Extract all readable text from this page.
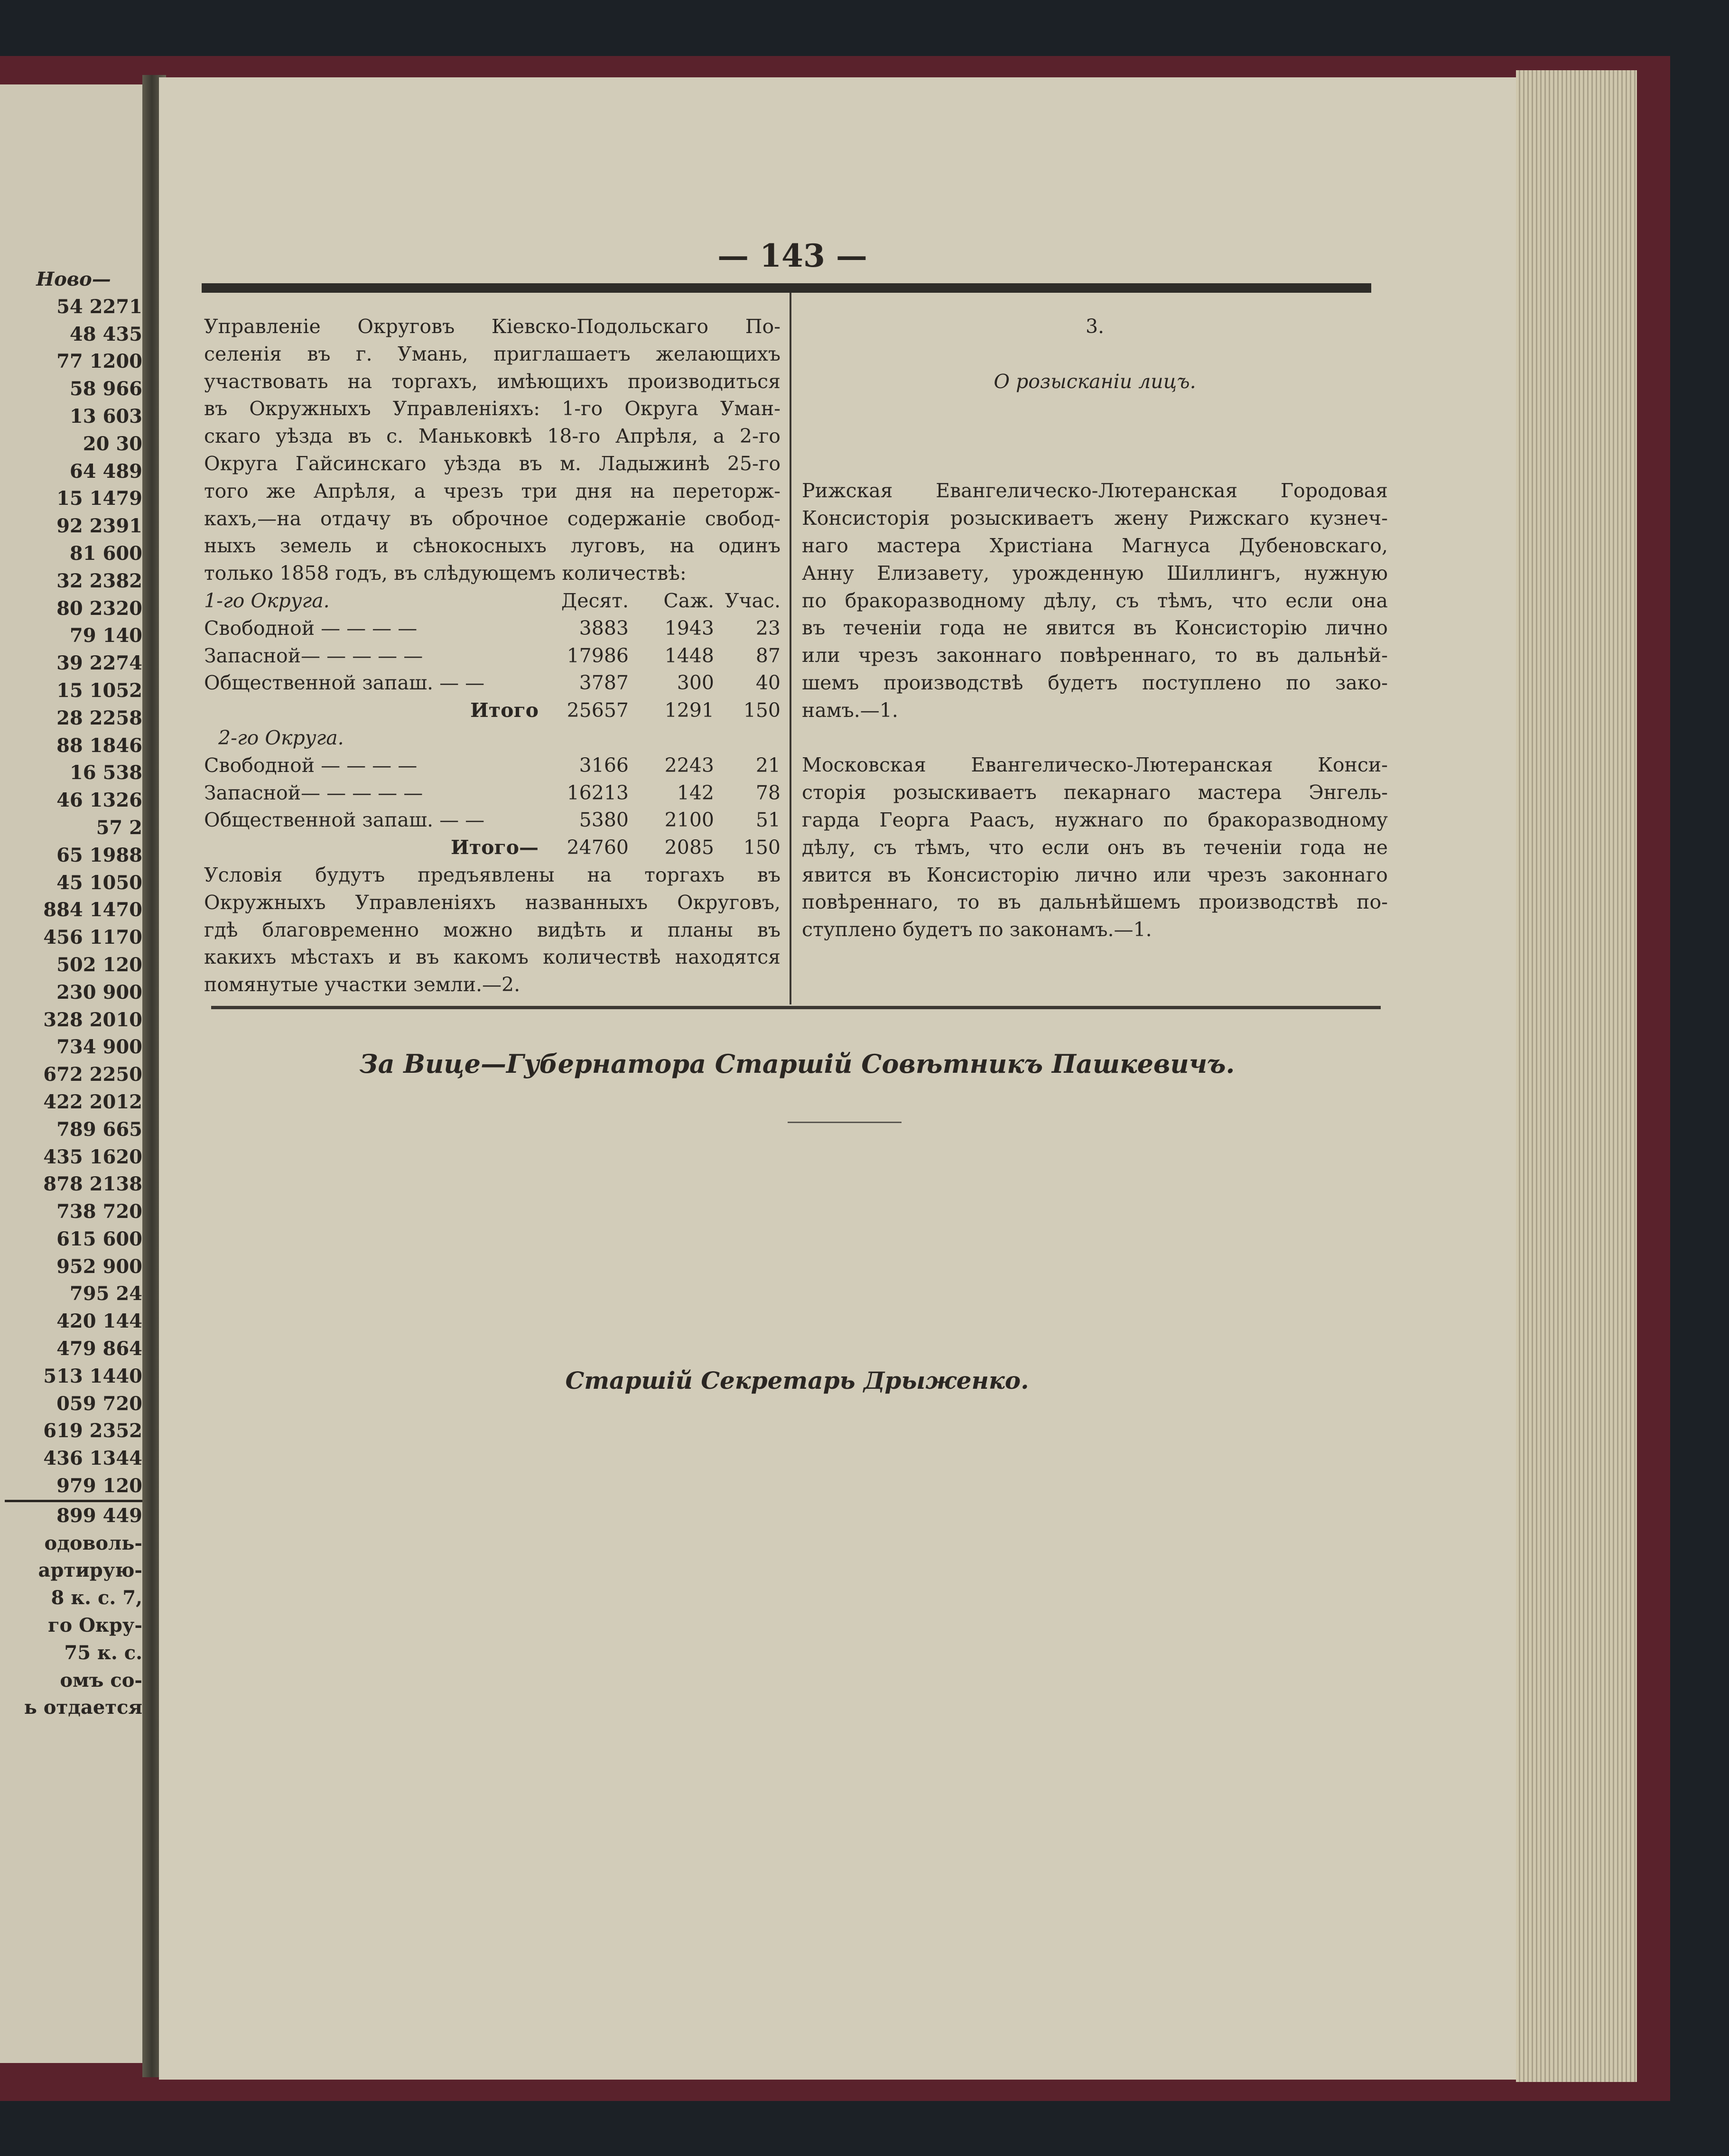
Ново—
54 2271
48 435
77 1200
58 966
13 603
20 30
64 489
15 1479
92 2391
81 600
32 2382
80 2320
79 140
39 2274
15 1052
28 2258
88 1846
16 538
46 1326
57 2
65 1988
45 1050
884 1470
456 1170
502 120
230 900
328 2010
734 900
672 2250
422 2012
789 665
435 1620
878 2138
738 720
615 600
952 900
795 24
420 144
479 864
513 1440
059 720
619 2352
436 1344
979 120
899 449
одоволь-
артирую-
8 к. с. 7,
го Окру-
75 к. с.
омъ со-
ь отдается
— 143 —
Управленіе Округовъ Кіевско-Подольскаго По-
селенія въ г. Умань, приглашаетъ желающихъ
участвовать на торгахъ, имѣющихъ производиться
въ Окружныхъ Управленіяхъ: 1-го Округа Уман-
скаго уѣзда въ с. Маньковкѣ 18-го Апрѣля, а 2-го
Округа Гайсинскаго уѣзда въ м. Ладыжинѣ 25-го
того же Апрѣля, а чрезъ три дня на переторж-
кахъ,—на отдачу въ оброчное содержаніе свобод-
ныхъ земель и сѣнокосныхъ луговъ, на одинъ
только 1858 годъ, въ слѣдующемъ количествѣ:
1-го Округа.	Десят.	Саж. Учас.
Свободной — — — —	3883	1943	23
Запасной— — — — —	17986	1448	87
Общественной запаш. — —	3787	300	40
Итого	25657	1291	150
2-го Округа.
Свободной — — — —	3166	2243	21
Запасной— — — — —	16213	142	78
Общественной запаш. — —	5380	2100	51
Итого—	24760	2085	150
Условія будутъ предъявлены на торгахъ въ
Окружныхъ Управленіяхъ названныхъ Округовъ,
гдѣ благовременно можно видѣть и планы въ
какихъ мѣстахъ и въ какомъ количествѣ находятся
помянутые участки земли.—2.
3.
О розысканіи лицъ.
Рижская Евангелическо-Лютеранская Городовая
Консисторія розыскиваетъ жену Рижскаго кузнеч-
наго мастера Христіана Магнуса Дубеновскаго,
Анну Елизавету, урожденную Шиллингъ, нужную
по бракоразводному дѣлу, съ тѣмъ, что если она
въ теченіи года не явится въ Консисторію лично
или чрезъ законнаго повѣреннаго, то въ дальнѣй-
шемъ производствѣ будетъ поступлено по зако-
намъ.—1.
Московская Евангелическо-Лютеранская Конси-
сторія розыскиваетъ пекарнаго мастера Энгель-
гарда Георга Раасъ, нужнаго по бракоразводному
дѣлу, съ тѣмъ, что если онъ въ теченіи года не
явится въ Консисторію лично или чрезъ законнаго
повѣреннаго, то въ дальнѣйшемъ производствѣ по-
ступлено будетъ по законамъ.—1.
За Вице—Губернатора Старшій Совѣтникъ Пашкевичъ.
Старшій Секретарь Дрыженко.
